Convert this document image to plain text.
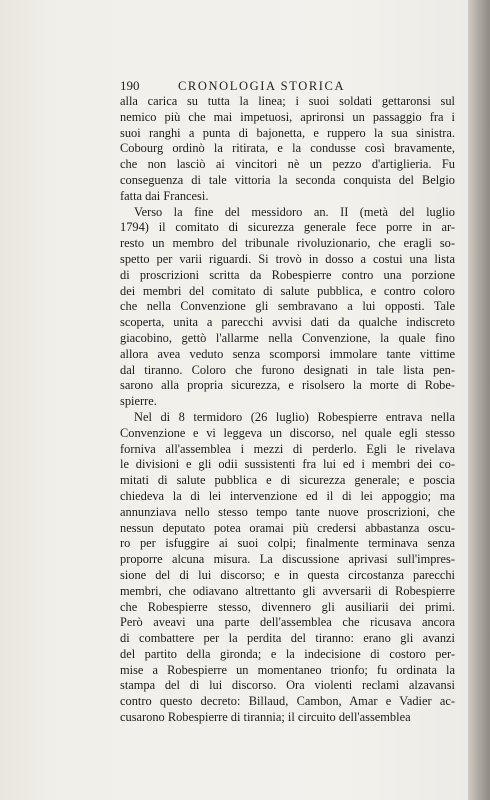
190	CRONOLOGIA STORICA
alla carica su tutta la linea; i suoi soldati gettaronsi sul
nemico più che mai impetuosi, aprironsi un passaggio fra i
suoi ranghi a punta di bajonetta, e ruppero la sua sinistra.
Cobourg ordinò la ritirata, e la condusse così bravamente,
che non lasciò ai vincitori nè un pezzo d'artiglieria. Fu
conseguenza di tale vittoria la seconda conquista del Belgio
fatta dai Francesi.
Verso la fine del messidoro an. II (metà del luglio
1794) il comitato di sicurezza generale fece porre in ar-
resto un membro del tribunale rivoluzionario, che eragli so-
spetto per varii riguardi. Si trovò in dosso a costui una lista
di proscrizioni scritta da Robespierre contro una porzione
dei membri del comitato di salute pubblica, e contro coloro
che nella Convenzione gli sembravano a lui opposti. Tale
scoperta, unita a parecchi avvisi dati da qualche indiscreto
giacobino, gettò l'allarme nella Convenzione, la quale fino
allora avea veduto senza scomporsi immolare tante vittime
dal tiranno. Coloro che furono designati in tale lista pen-
sarono alla propria sicurezza, e risolsero la morte di Robe-
spierre.
Nel di 8 termidoro (26 luglio) Robespierre entrava nella
Convenzione e vi leggeva un discorso, nel quale egli stesso
forniva all'assemblea i mezzi di perderlo. Egli le rivelava
le divisioni e gli odii sussistenti fra lui ed i membri dei co-
mitati di salute pubblica e di sicurezza generale; e poscia
chiedeva la di lei intervenzione ed il di lei appoggio; ma
annunziava nello stesso tempo tante nuove proscrizioni, che
nessun deputato potea oramai più credersi abbastanza oscu-
ro per isfuggire ai suoi colpi; finalmente terminava senza
proporre alcuna misura. La discussione aprivasi sull'impres-
sione del di lui discorso; e in questa circostanza parecchi
membri, che odiavano altrettanto gli avversarii di Robespierre
che Robespierre stesso, divennero gli ausiliarii dei primi.
Però aveavi una parte dell'assemblea che ricusava ancora
di combattere per la perdita del tiranno: erano gli avanzi
del partito della gironda; e la indecisione di costoro per-
mise a Robespierre un momentaneo trionfo; fu ordinata la
stampa del di lui discorso. Ora violenti reclami alzavansi
contro questo decreto: Billaud, Cambon, Amar e Vadier ac-
cusarono Robespierre di tirannia; il circuito dell'assemblea
